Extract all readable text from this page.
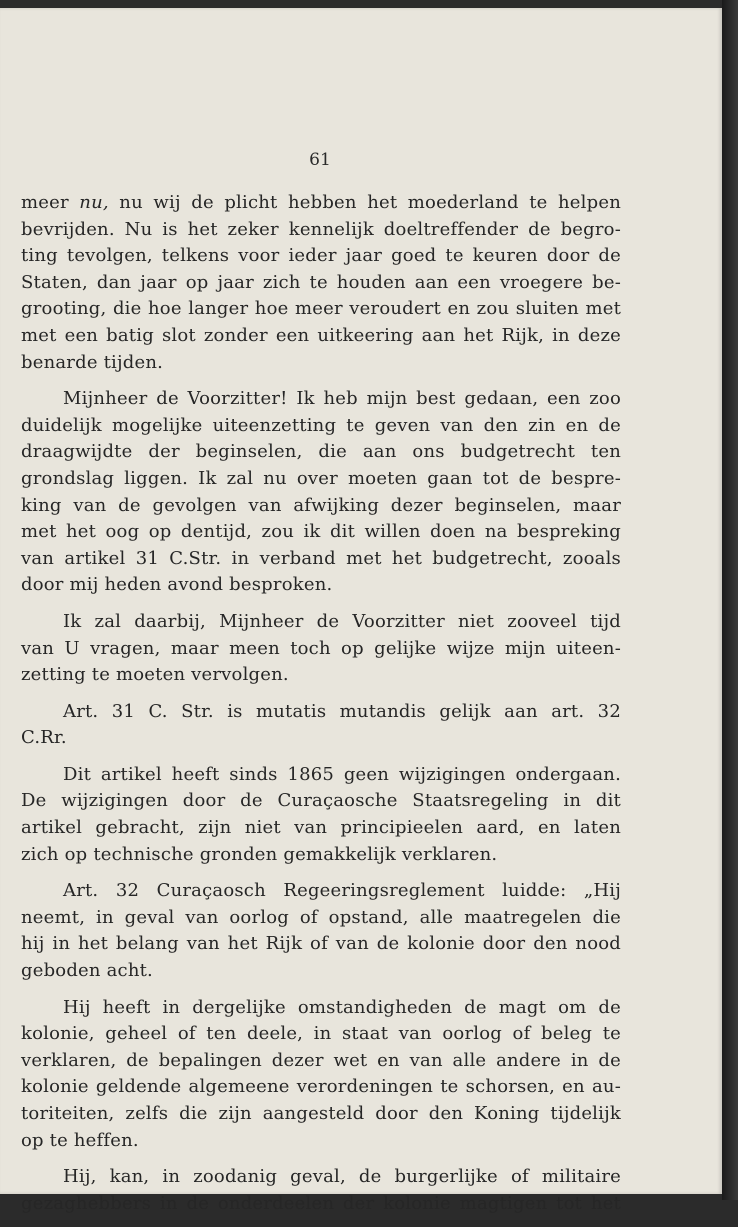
61
meer nu, nu wij de plicht hebben het moederland te helpen
bevrijden. Nu is het zeker kennelijk doeltreffender de begro-
ting tevolgen, telkens voor ieder jaar goed te keuren door de
Staten, dan jaar op jaar zich te houden aan een vroegere be-
grooting, die hoe langer hoe meer veroudert en zou sluiten met
met een batig slot zonder een uitkeering aan het Rijk, in deze
benarde tijden.
Mijnheer de Voorzitter! Ik heb mijn best gedaan, een zoo
duidelijk mogelijke uiteenzetting te geven van den zin en de
draagwijdte der beginselen, die aan ons budgetrecht ten
grondslag liggen. Ik zal nu over moeten gaan tot de bespre-
king van de gevolgen van afwijking dezer beginselen, maar
met het oog op dentijd, zou ik dit willen doen na bespreking
van artikel 31 C.Str. in verband met het budgetrecht, zooals
door mij heden avond besproken.
Ik zal daarbij, Mijnheer de Voorzitter niet zooveel tijd
van U vragen, maar meen toch op gelijke wijze mijn uiteen-
zetting te moeten vervolgen.
Art. 31 C. Str. is mutatis mutandis gelijk aan art. 32
C.Rr.
Dit artikel heeft sinds 1865 geen wijzigingen ondergaan.
De wijzigingen door de Curaçaosche Staatsregeling in dit
artikel gebracht, zijn niet van principieelen aard, en laten
zich op technische gronden gemakkelijk verklaren.
Art. 32 Curaçaosch Regeeringsreglement luidde: „Hij
neemt, in geval van oorlog of opstand, alle maatregelen die
hij in het belang van het Rijk of van de kolonie door den nood
geboden acht.
Hij heeft in dergelijke omstandigheden de magt om de
kolonie, geheel of ten deele, in staat van oorlog of beleg te
verklaren, de bepalingen dezer wet en van alle andere in de
kolonie geldende algemeene verordeningen te schorsen, en au-
toriteiten, zelfs die zijn aangesteld door den Koning tijdelijk
op te heffen.
Hij, kan, in zoodanig geval, de burgerlijke of militaire
gezaghebbers in de onderdeelen der kolonie magtigen tot het
